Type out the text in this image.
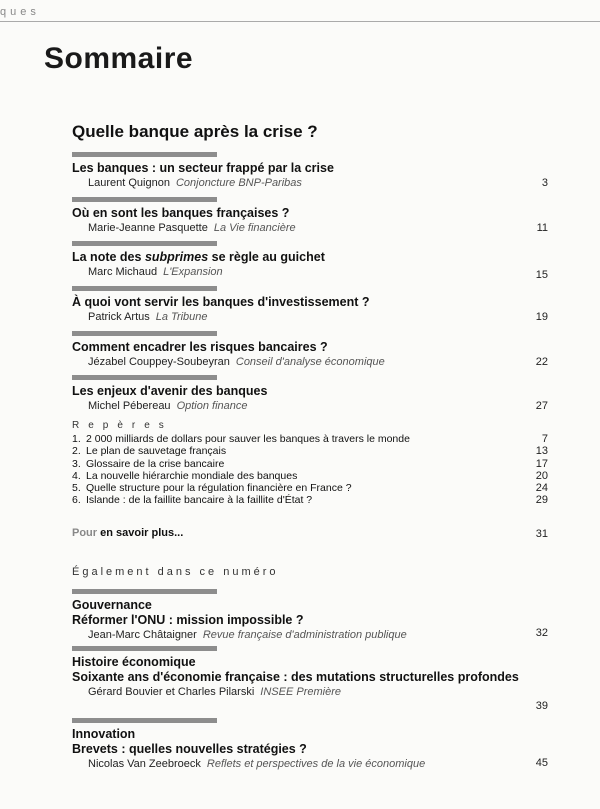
ques
Sommaire
Quelle banque après la crise ?
Les banques : un secteur frappé par la crise
Laurent Quignon Conjoncture BNP-Paribas	3
Où en sont les banques françaises ?
Marie-Jeanne Pasquette La Vie financière	11
La note des subprimes se règle au guichet
Marc Michaud L'Expansion	15
À quoi vont servir les banques d'investissement ?
Patrick Artus La Tribune	19
Comment encadrer les risques bancaires ?
Jézabel Couppey-Soubeyran Conseil d'analyse économique	22
Les enjeux d'avenir des banques
Michel Pébereau Option finance	27
Repères
1. 2 000 milliards de dollars pour sauver les banques à travers le monde	7
2. Le plan de sauvetage français	13
3. Glossaire de la crise bancaire	17
4. La nouvelle hiérarchie mondiale des banques	20
5. Quelle structure pour la régulation financière en France ?	24
6. Islande : de la faillite bancaire à la faillite d'État ?	29
Pour en savoir plus...	31
Également dans ce numéro
Gouvernance
Réformer l'ONU : mission impossible ?
Jean-Marc Châtaigner Revue française d'administration publique	32
Histoire économique
Soixante ans d'économie française : des mutations structurelles profondes
Gérard Bouvier et Charles Pilarski INSEE Première
39
Innovation
Brevets : quelles nouvelles stratégies ?
Nicolas Van Zeebroeck Reflets et perspectives de la vie économique	45
